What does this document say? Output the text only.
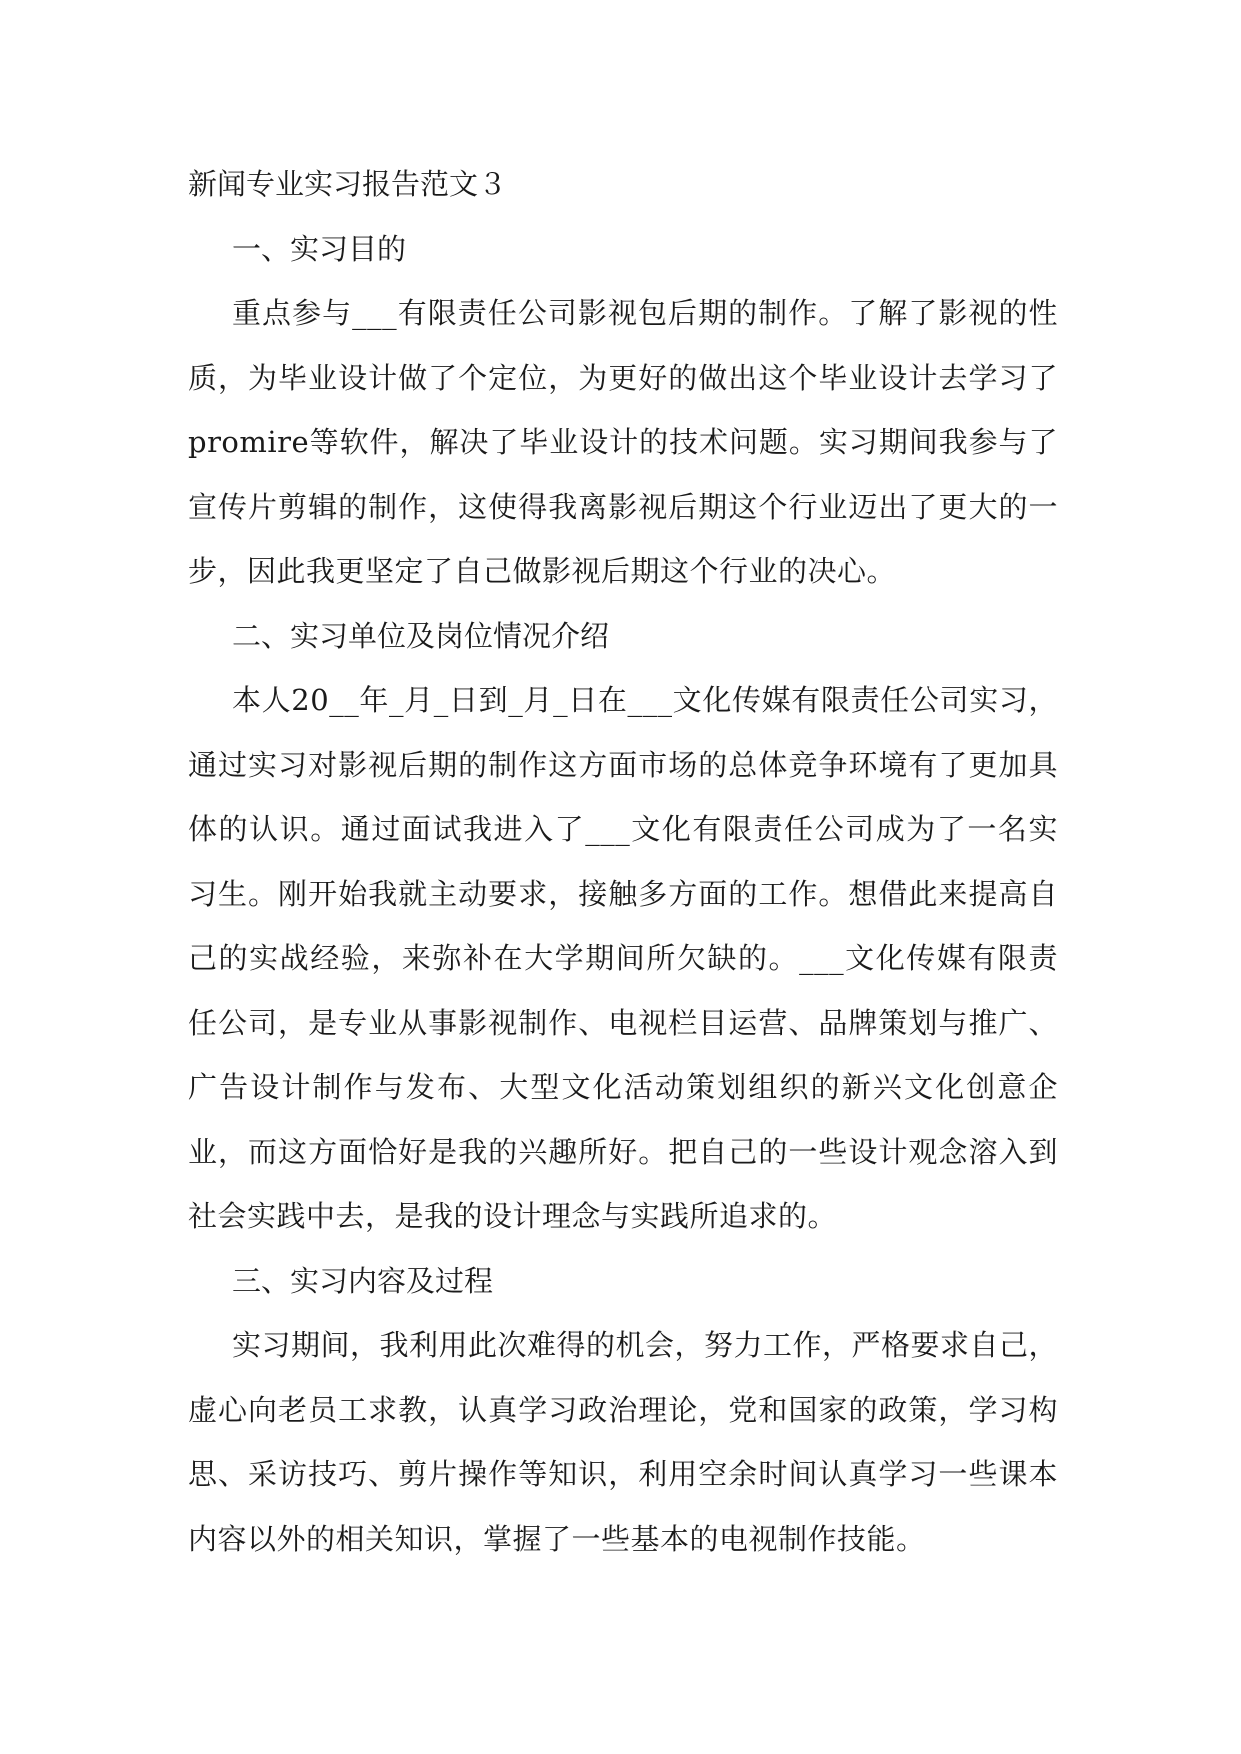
新闻专业实习报告范文３
一、实习目的

重点参与___有限责任公司影视包后期的制作。了解了影视的性质，为毕业设计做了个定位，为更好的做出这个毕业设计去学习了promire等软件，解决了毕业设计的技术问题。实习期间我参与了宣传片剪辑的制作，这使得我离影视后期这个行业迈出了更大的一步，因此我更坚定了自己做影视后期这个行业的决心。

二、实习单位及岗位情况介绍

本人20__年_月_日到_月_日在___文化传媒有限责任公司实习，通过实习对影视后期的制作这方面市场的总体竞争环境有了更加具体的认识。通过面试我进入了___文化有限责任公司成为了一名实习生。刚开始我就主动要求，接触多方面的工作。想借此来提高自己的实战经验，来弥补在大学期间所欠缺的。___文化传媒有限责任公司，是专业从事影视制作、电视栏目运营、品牌策划与推广、广告设计制作与发布、大型文化活动策划组织的新兴文化创意企业，而这方面恰好是我的兴趣所好。把自己的一些设计观念溶入到社会实践中去，是我的设计理念与实践所追求的。

三、实习内容及过程

实习期间，我利用此次难得的机会，努力工作，严格要求自己，虚心向老员工求教，认真学习政治理论，党和国家的政策，学习构思、采访技巧、剪片操作等知识，利用空余时间认真学习一些课本内容以外的相关知识，掌握了一些基本的电视制作技能。
